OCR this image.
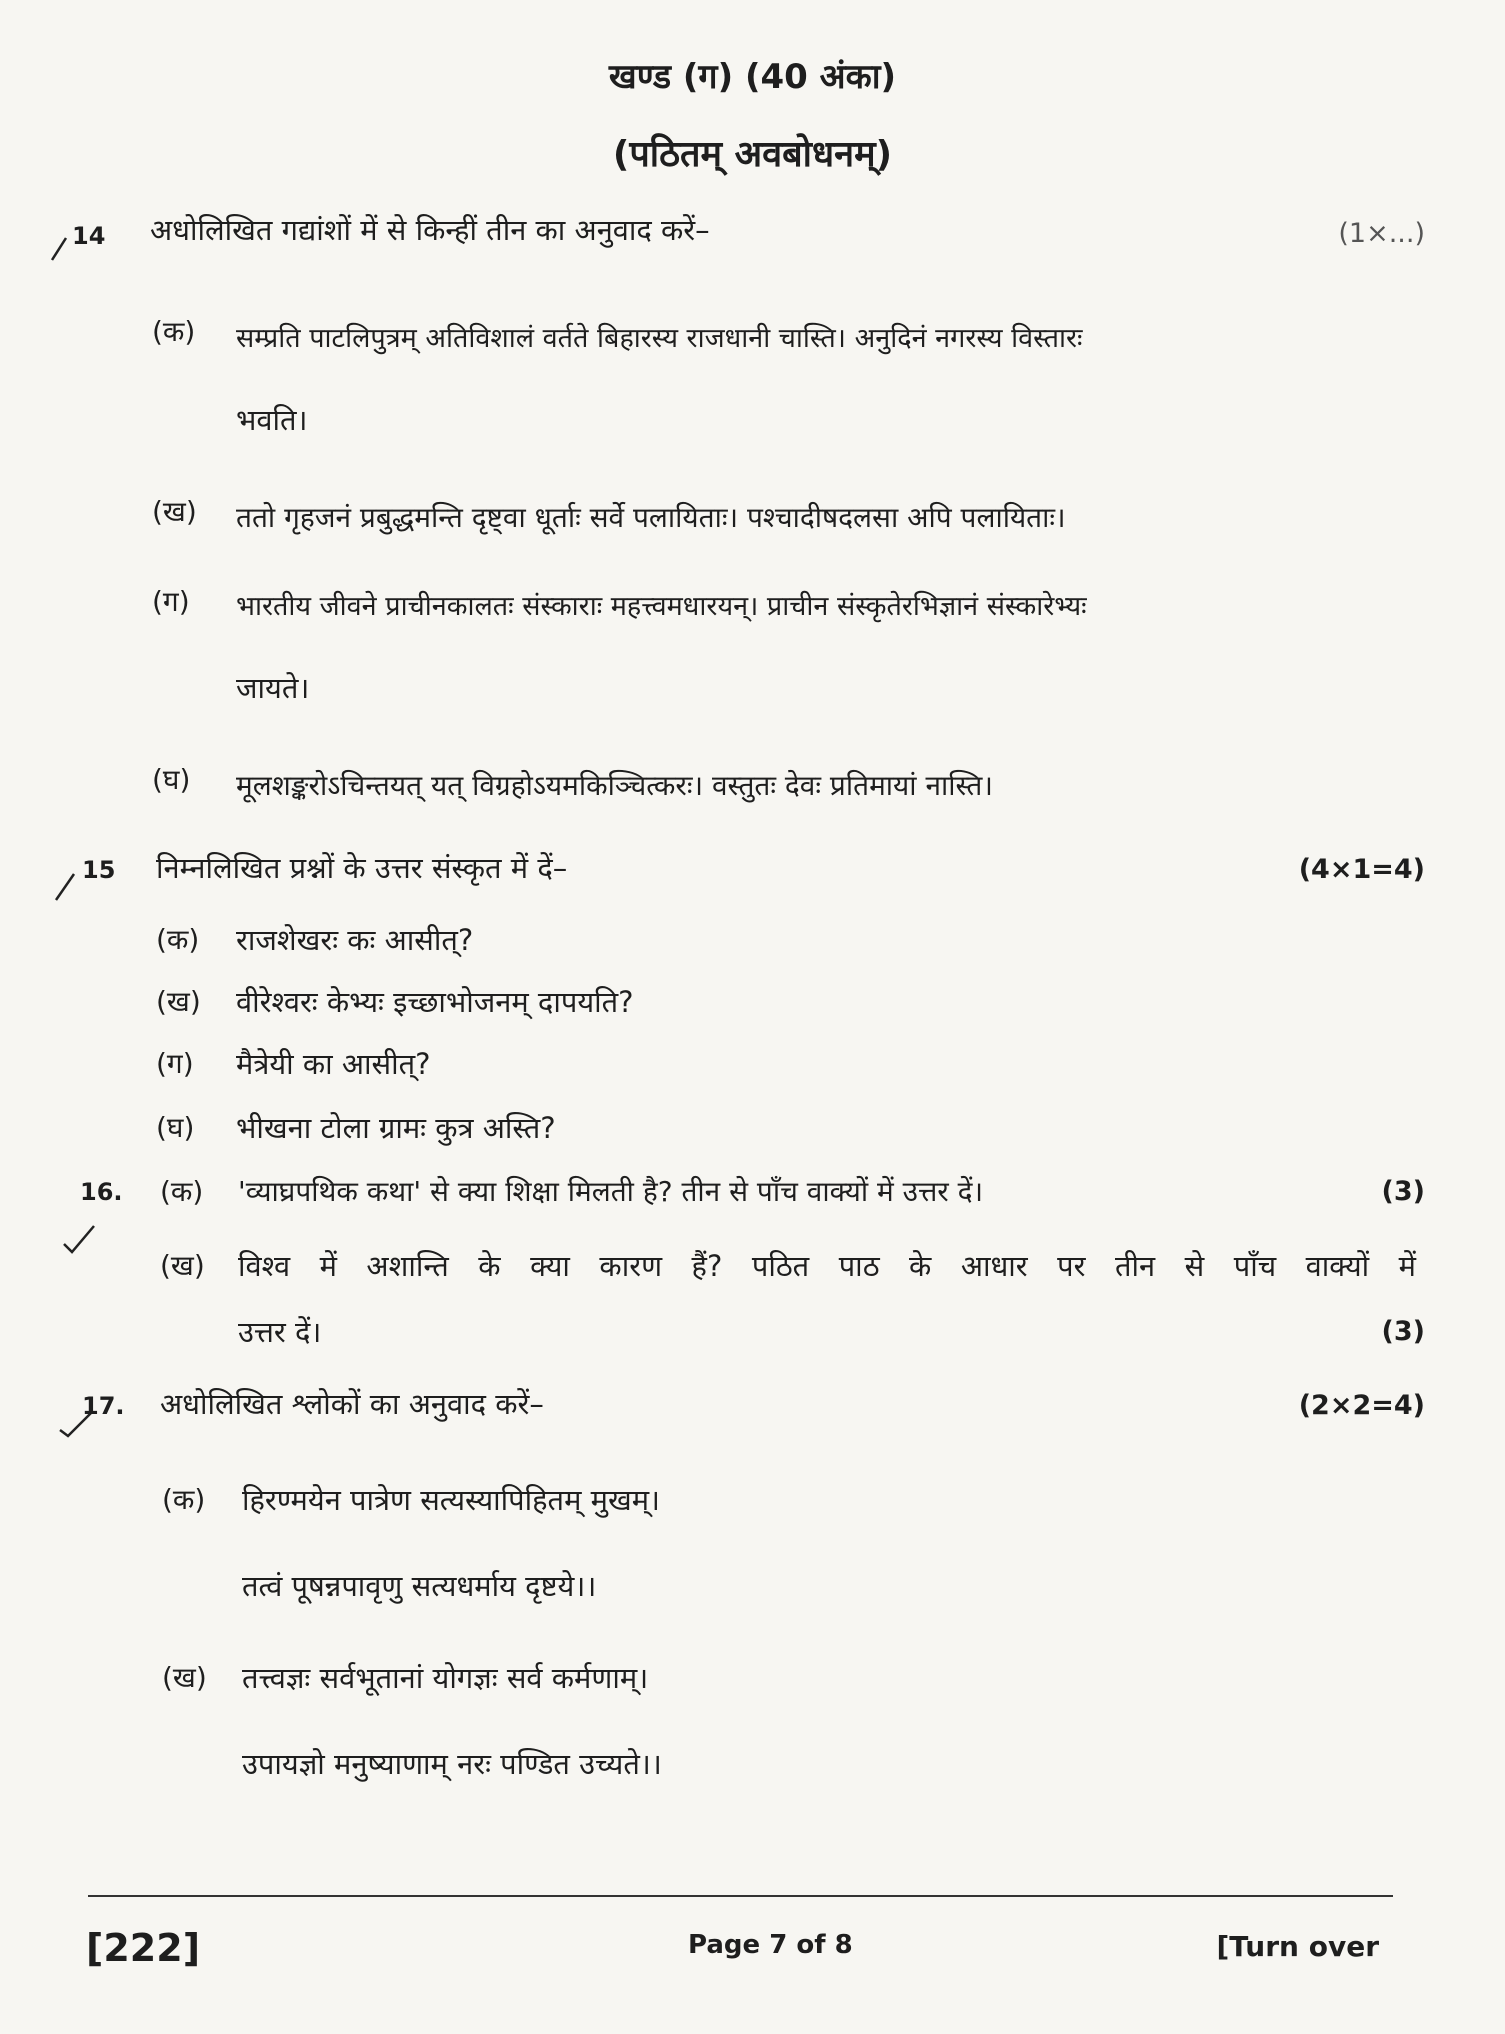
खण्ड (ग) (40 अंका)
(पठितम् अवबोधनम्)
14 अधोलिखित गद्यांशों में से किन्हीं तीन का अनुवाद करें–	(1×...)
(क) सम्प्रति पाटलिपुत्रम् अतिविशालं वर्तते बिहारस्य राजधानी चास्ति। अनुदिनं नगरस्य विस्तारः
भवति।
(ख) ततो गृहजनं प्रबुद्धमन्ति दृष्ट्वा धूर्ताः सर्वे पलायिताः। पश्चादीषदलसा अपि पलायिताः।
(ग) भारतीय जीवने प्राचीनकालतः संस्काराः महत्त्वमधारयन्। प्राचीन संस्कृतेरभिज्ञानं संस्कारेभ्यः
जायते।
(घ) मूलशङ्करोऽचिन्तयत् यत् विग्रहोऽयमकिञ्चित्करः। वस्तुतः देवः प्रतिमायां नास्ति।
15 निम्नलिखित प्रश्नों के उत्तर संस्कृत में दें–	(4×1=4)
(क) राजशेखरः कः आसीत्?
(ख) वीरेश्वरः केभ्यः इच्छाभोजनम् दापयति?
(ग) मैत्रेयी का आसीत्?
(घ) भीखना टोला ग्रामः कुत्र अस्ति?
16. (क) 'व्याघ्रपथिक कथा' से क्या शिक्षा मिलती है? तीन से पाँच वाक्यों में उत्तर दें।	(3)
(ख) विश्व में अशान्ति के क्या कारण हैं? पठित पाठ के आधार पर तीन से पाँच वाक्यों में
उत्तर दें।	(3)
17. अधोलिखित श्लोकों का अनुवाद करें–	(2×2=4)
(क) हिरण्मयेन पात्रेण सत्यस्यापिहितम् मुखम्।
तत्वं पूषन्नपावृणु सत्यधर्माय दृष्टये।।
(ख) तत्त्वज्ञः सर्वभूतानां योगज्ञः सर्व कर्मणाम्।
उपायज्ञो मनुष्याणाम् नरः पण्डित उच्यते।।
[222]	Page 7 of 8	[Turn over
